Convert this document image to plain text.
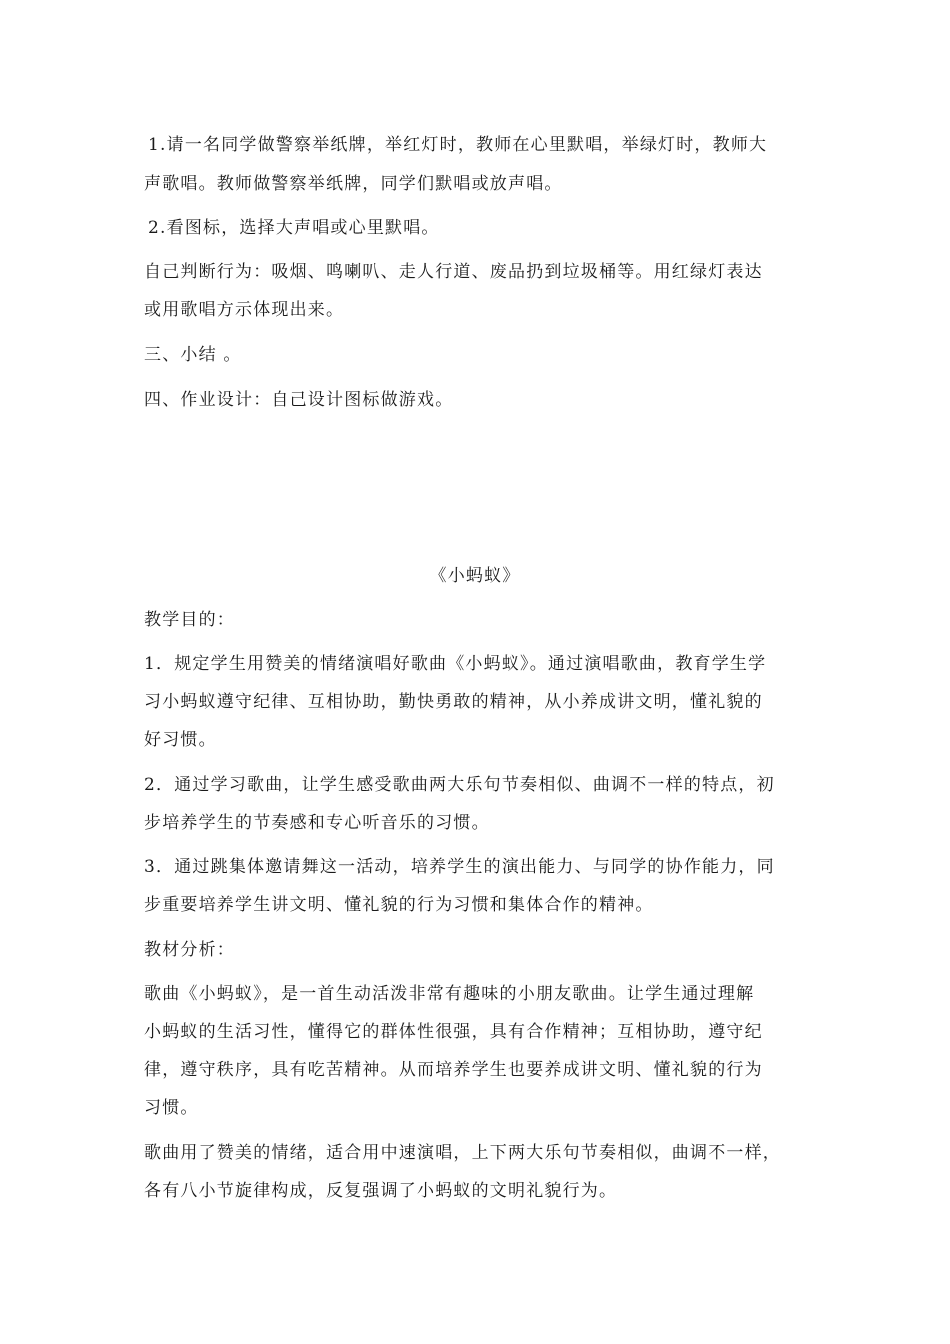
1.请一名同学做警察举纸牌，举红灯时，教师在心里默唱，举绿灯时，教师大
声歌唱。教师做警察举纸牌，同学们默唱或放声唱。
2.看图标，选择大声唱或心里默唱。
自己判断行为：吸烟、鸣喇叭、走人行道、废品扔到垃圾桶等。用红绿灯表达
或用歌唱方示体现出来。
三、小结 。
四、作业设计：自己设计图标做游戏。
《小蚂蚁》
教学目的：
1．规定学生用赞美的情绪演唱好歌曲《小蚂蚁》。通过演唱歌曲，教育学生学
习小蚂蚁遵守纪律、互相协助，勤快勇敢的精神，从小养成讲文明，懂礼貌的
好习惯。
2．通过学习歌曲，让学生感受歌曲两大乐句节奏相似、曲调不一样的特点，初
步培养学生的节奏感和专心听音乐的习惯。
3．通过跳集体邀请舞这一活动，培养学生的演出能力、与同学的协作能力，同
步重要培养学生讲文明、懂礼貌的行为习惯和集体合作的精神。
教材分析：
歌曲《小蚂蚁》，是一首生动活泼非常有趣味的小朋友歌曲。让学生通过理解
小蚂蚁的生活习性，懂得它的群体性很强，具有合作精神；互相协助，遵守纪
律，遵守秩序，具有吃苦精神。从而培养学生也要养成讲文明、懂礼貌的行为
习惯。
歌曲用了赞美的情绪，适合用中速演唱，上下两大乐句节奏相似，曲调不一样，
各有八小节旋律构成，反复强调了小蚂蚁的文明礼貌行为。
